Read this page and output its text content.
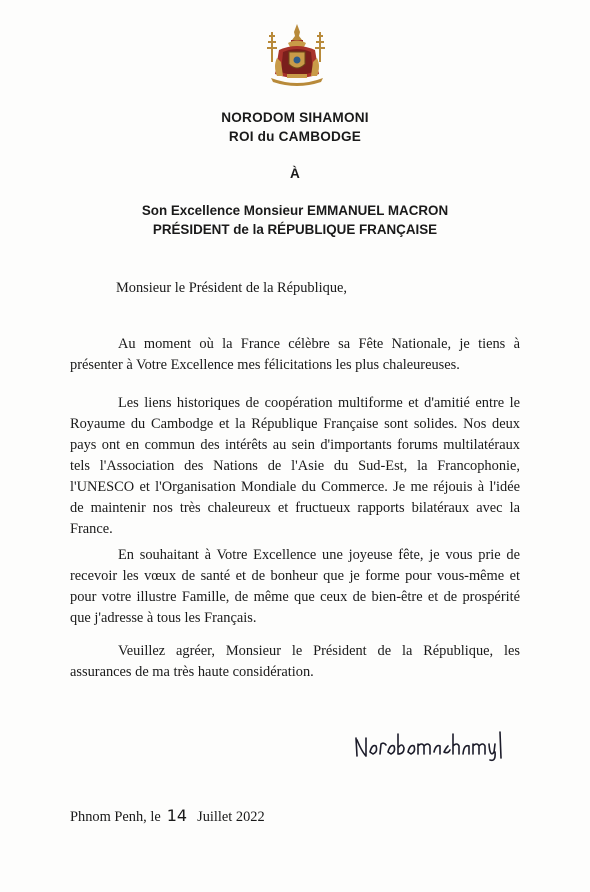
NORODOM SIHAMONI
ROI du CAMBODGE
À
Son Excellence Monsieur EMMANUEL MACRON
PRÉSIDENT de la RÉPUBLIQUE FRANÇAISE
Monsieur le Président de la République,
Au moment où la France célèbre sa Fête Nationale, je tiens à présenter à Votre Excellence mes félicitations les plus chaleureuses.
Les liens historiques de coopération multiforme et d'amitié entre le Royaume du Cambodge et la République Française sont solides. Nos deux pays ont en commun des intérêts au sein d'importants forums multilatéraux tels l'Association des Nations de l'Asie du Sud-Est, la Francophonie, l'UNESCO et l'Organisation Mondiale du Commerce. Je me réjouis à l'idée de maintenir nos très chaleureux et fructueux rapports bilatéraux avec la France.
En souhaitant à Votre Excellence une joyeuse fête, je vous prie de recevoir les vœux de santé et de bonheur que je forme pour vous-même et pour votre illustre Famille, de même que ceux de bien-être et de prospérité que j'adresse à tous les Français.
Veuillez agréer, Monsieur le Président de la République, les assurances de ma très haute considération.
Phnom Penh, le 14 Juillet 2022
